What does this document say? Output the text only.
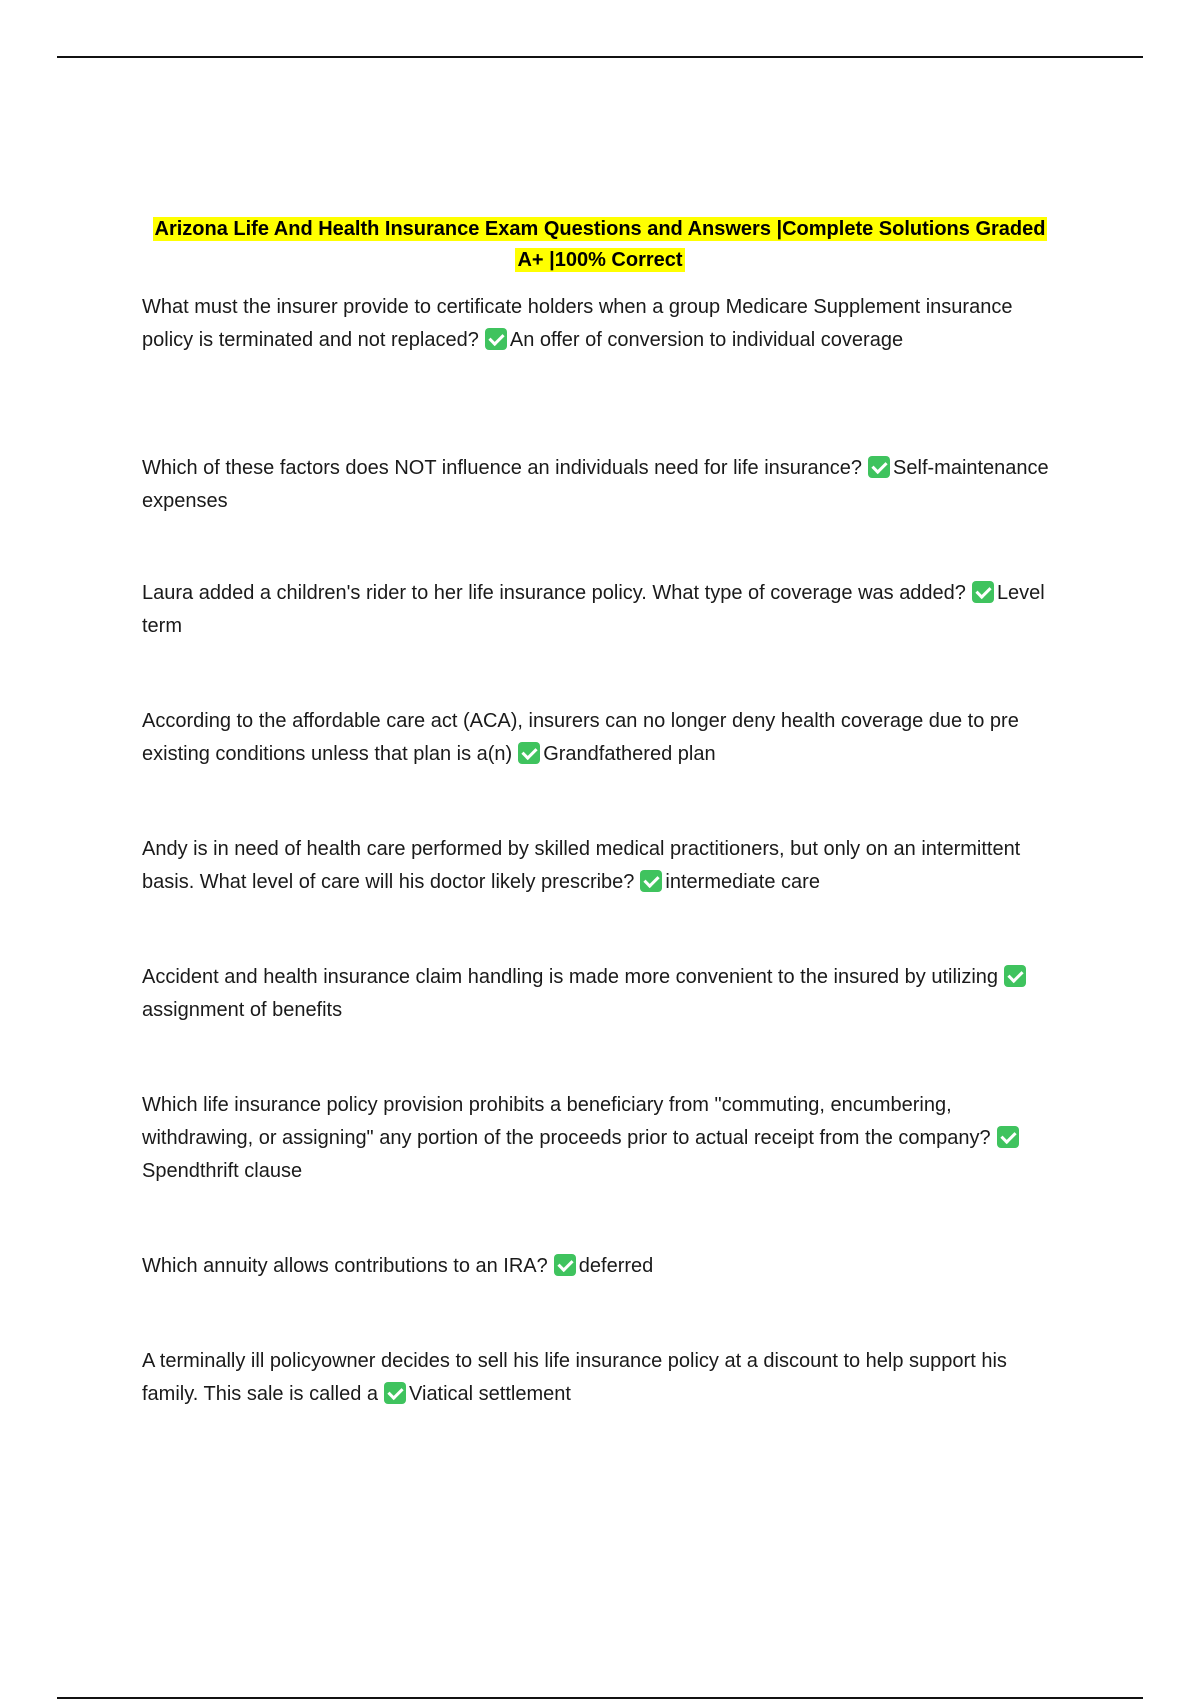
Arizona Life And Health Insurance Exam Questions and Answers |Complete Solutions Graded
A+ |100% Correct
What must the insurer provide to certificate holders when a group Medicare Supplement insurance policy is terminated and not replaced? An offer of conversion to individual coverage
Which of these factors does NOT influence an individuals need for life insurance? Self-maintenance expenses
Laura added a children's rider to her life insurance policy. What type of coverage was added? Level term
According to the affordable care act (ACA), insurers can no longer deny health coverage due to pre existing conditions unless that plan is a(n) Grandfathered plan
Andy is in need of health care performed by skilled medical practitioners, but only on an intermittent basis. What level of care will his doctor likely prescribe? intermediate care
Accident and health insurance claim handling is made more convenient to the insured by utilizingassignment of benefits
Which life insurance policy provision prohibits a beneficiary from "commuting, encumbering, withdrawing, or assigning" any portion of the proceeds prior to actual receipt from the company?Spendthrift clause
Which annuity allows contributions to an IRA? deferred
A terminally ill policyowner decides to sell his life insurance policy at a discount to help support his family. This sale is called a Viatical settlement
